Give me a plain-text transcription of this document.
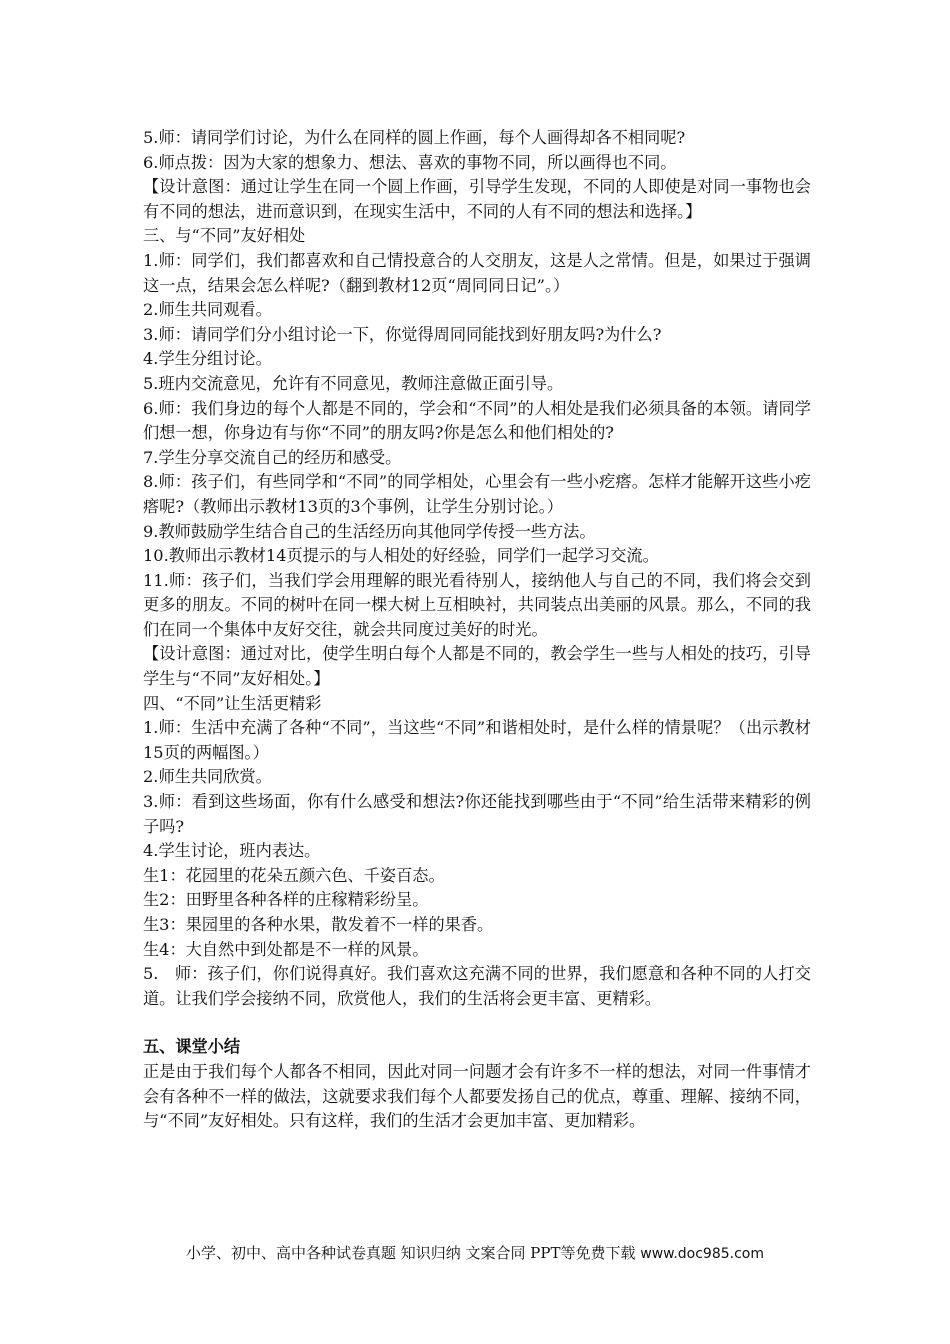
5.师：请同学们讨论，为什么在同样的圆上作画，每个人画得却各不相同呢?

6.师点拨：因为大家的想象力、想法、喜欢的事物不同，所以画得也不同。

【设计意图：通过让学生在同一个圆上作画，引导学生发现，不同的人即使是对同一事物也会有不同的想法，进而意识到，在现实生活中，不同的人有不同的想法和选择。】

三、与“不同”友好相处

1.师：同学们，我们都喜欢和自己情投意合的人交朋友，这是人之常情。但是，如果过于强调这一点，结果会怎么样呢?（翻到教材12页“周同同日记”。）

2.师生共同观看。

3.师：请同学们分小组讨论一下，你觉得周同同能找到好朋友吗?为什么?

4.学生分组讨论。

5.班内交流意见，允许有不同意见，教师注意做正面引导。

6.师：我们身边的每个人都是不同的，学会和“不同”的人相处是我们必须具备的本领。请同学们想一想，你身边有与你“不同”的朋友吗?你是怎么和他们相处的?

7.学生分享交流自己的经历和感受。

8.师：孩子们，有些同学和“不同”的同学相处，心里会有一些小疙瘩。怎样才能解开这些小疙瘩呢?（教师出示教材13页的3个事例，让学生分别讨论。）

9.教师鼓励学生结合自己的生活经历向其他同学传授一些方法。

10.教师出示教材14页提示的与人相处的好经验，同学们一起学习交流。

11.师：孩子们，当我们学会用理解的眼光看待别人，接纳他人与自己的不同，我们将会交到更多的朋友。不同的树叶在同一棵大树上互相映衬，共同装点出美丽的风景。那么，不同的我们在同一个集体中友好交往，就会共同度过美好的时光。

【设计意图：通过对比，使学生明白每个人都是不同的，教会学生一些与人相处的技巧，引导学生与“不同”友好相处。】

四、“不同”让生活更精彩

1.师：生活中充满了各种“不同”，当这些“不同”和谐相处时，是什么样的情景呢？（出示教材15页的两幅图。）

2.师生共同欣赏。

3.师：看到这些场面，你有什么感受和想法?你还能找到哪些由于“不同”给生活带来精彩的例子吗?

4.学生讨论，班内表达。

生1：花园里的花朵五颜六色、千姿百态。

生2：田野里各种各样的庄稼精彩纷呈。

生3：果园里的各种水果，散发着不一样的果香。

生4：大自然中到处都是不一样的风景。

5.　师：孩子们，你们说得真好。我们喜欢这充满不同的世界，我们愿意和各种不同的人打交道。让我们学会接纳不同，欣赏他人，我们的生活将会更丰富、更精彩。

五、课堂小结

正是由于我们每个人都各不相同，因此对同一问题才会有许多不一样的想法，对同一件事情才会有各种不一样的做法，这就要求我们每个人都要发扬自己的优点，尊重、理解、接纳不同，与“不同”友好相处。只有这样，我们的生活才会更加丰富、更加精彩。

小学、初中、高中各种试卷真题 知识归纳 文案合同 PPT等免费下载 www.doc985.com
